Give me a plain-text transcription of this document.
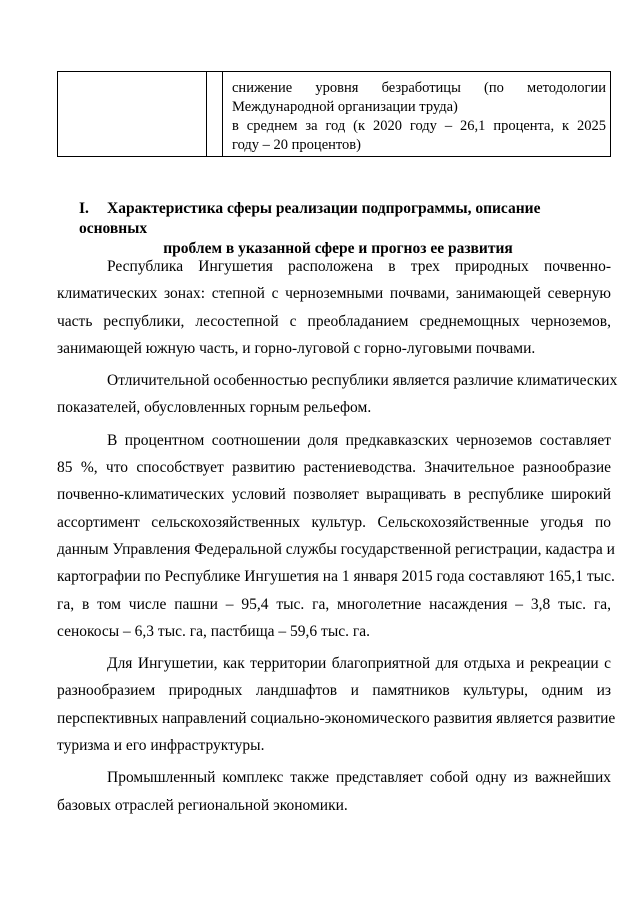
снижение уровня безработицы (по методологии
Международной организации труда)
в среднем за год (к 2020 году – 26,1 процента, к 2025
году – 20 процентов)
I. Характеристика сферы реализации подпрограммы, описание основных
проблем в указанной сфере и прогноз ее развития

Республика Ингушетия расположена в трех природных почвенно-
климатических зонах: степной с черноземными почвами, занимающей северную
часть республики, лесостепной с преобладанием среднемощных черноземов,
занимающей южную часть, и горно-луговой с горно-луговыми почвами.

Отличительной особенностью республики является различие климатических
показателей, обусловленных горным рельефом.

В процентном соотношении доля предкавказских черноземов составляет
85 %, что способствует развитию растениеводства. Значительное разнообразие
почвенно-климатических условий позволяет выращивать в республике широкий
ассортимент сельскохозяйственных культур. Сельскохозяйственные угодья по
данным Управления Федеральной службы государственной регистрации, кадастра и
картографии по Республике Ингушетия на 1 января 2015 года составляют 165,1 тыс.
га, в том числе пашни – 95,4 тыс. га, многолетние насаждения – 3,8 тыс. га,
сенокосы – 6,3 тыс. га, пастбища – 59,6 тыс. га.

Для Ингушетии, как территории благоприятной для отдыха и рекреации с
разнообразием природных ландшафтов и памятников культуры, одним из
перспективных направлений социально-экономического развития является развитие
туризма и его инфраструктуры.

Промышленный комплекс также представляет собой одну из важнейших
базовых отраслей региональной экономики.
